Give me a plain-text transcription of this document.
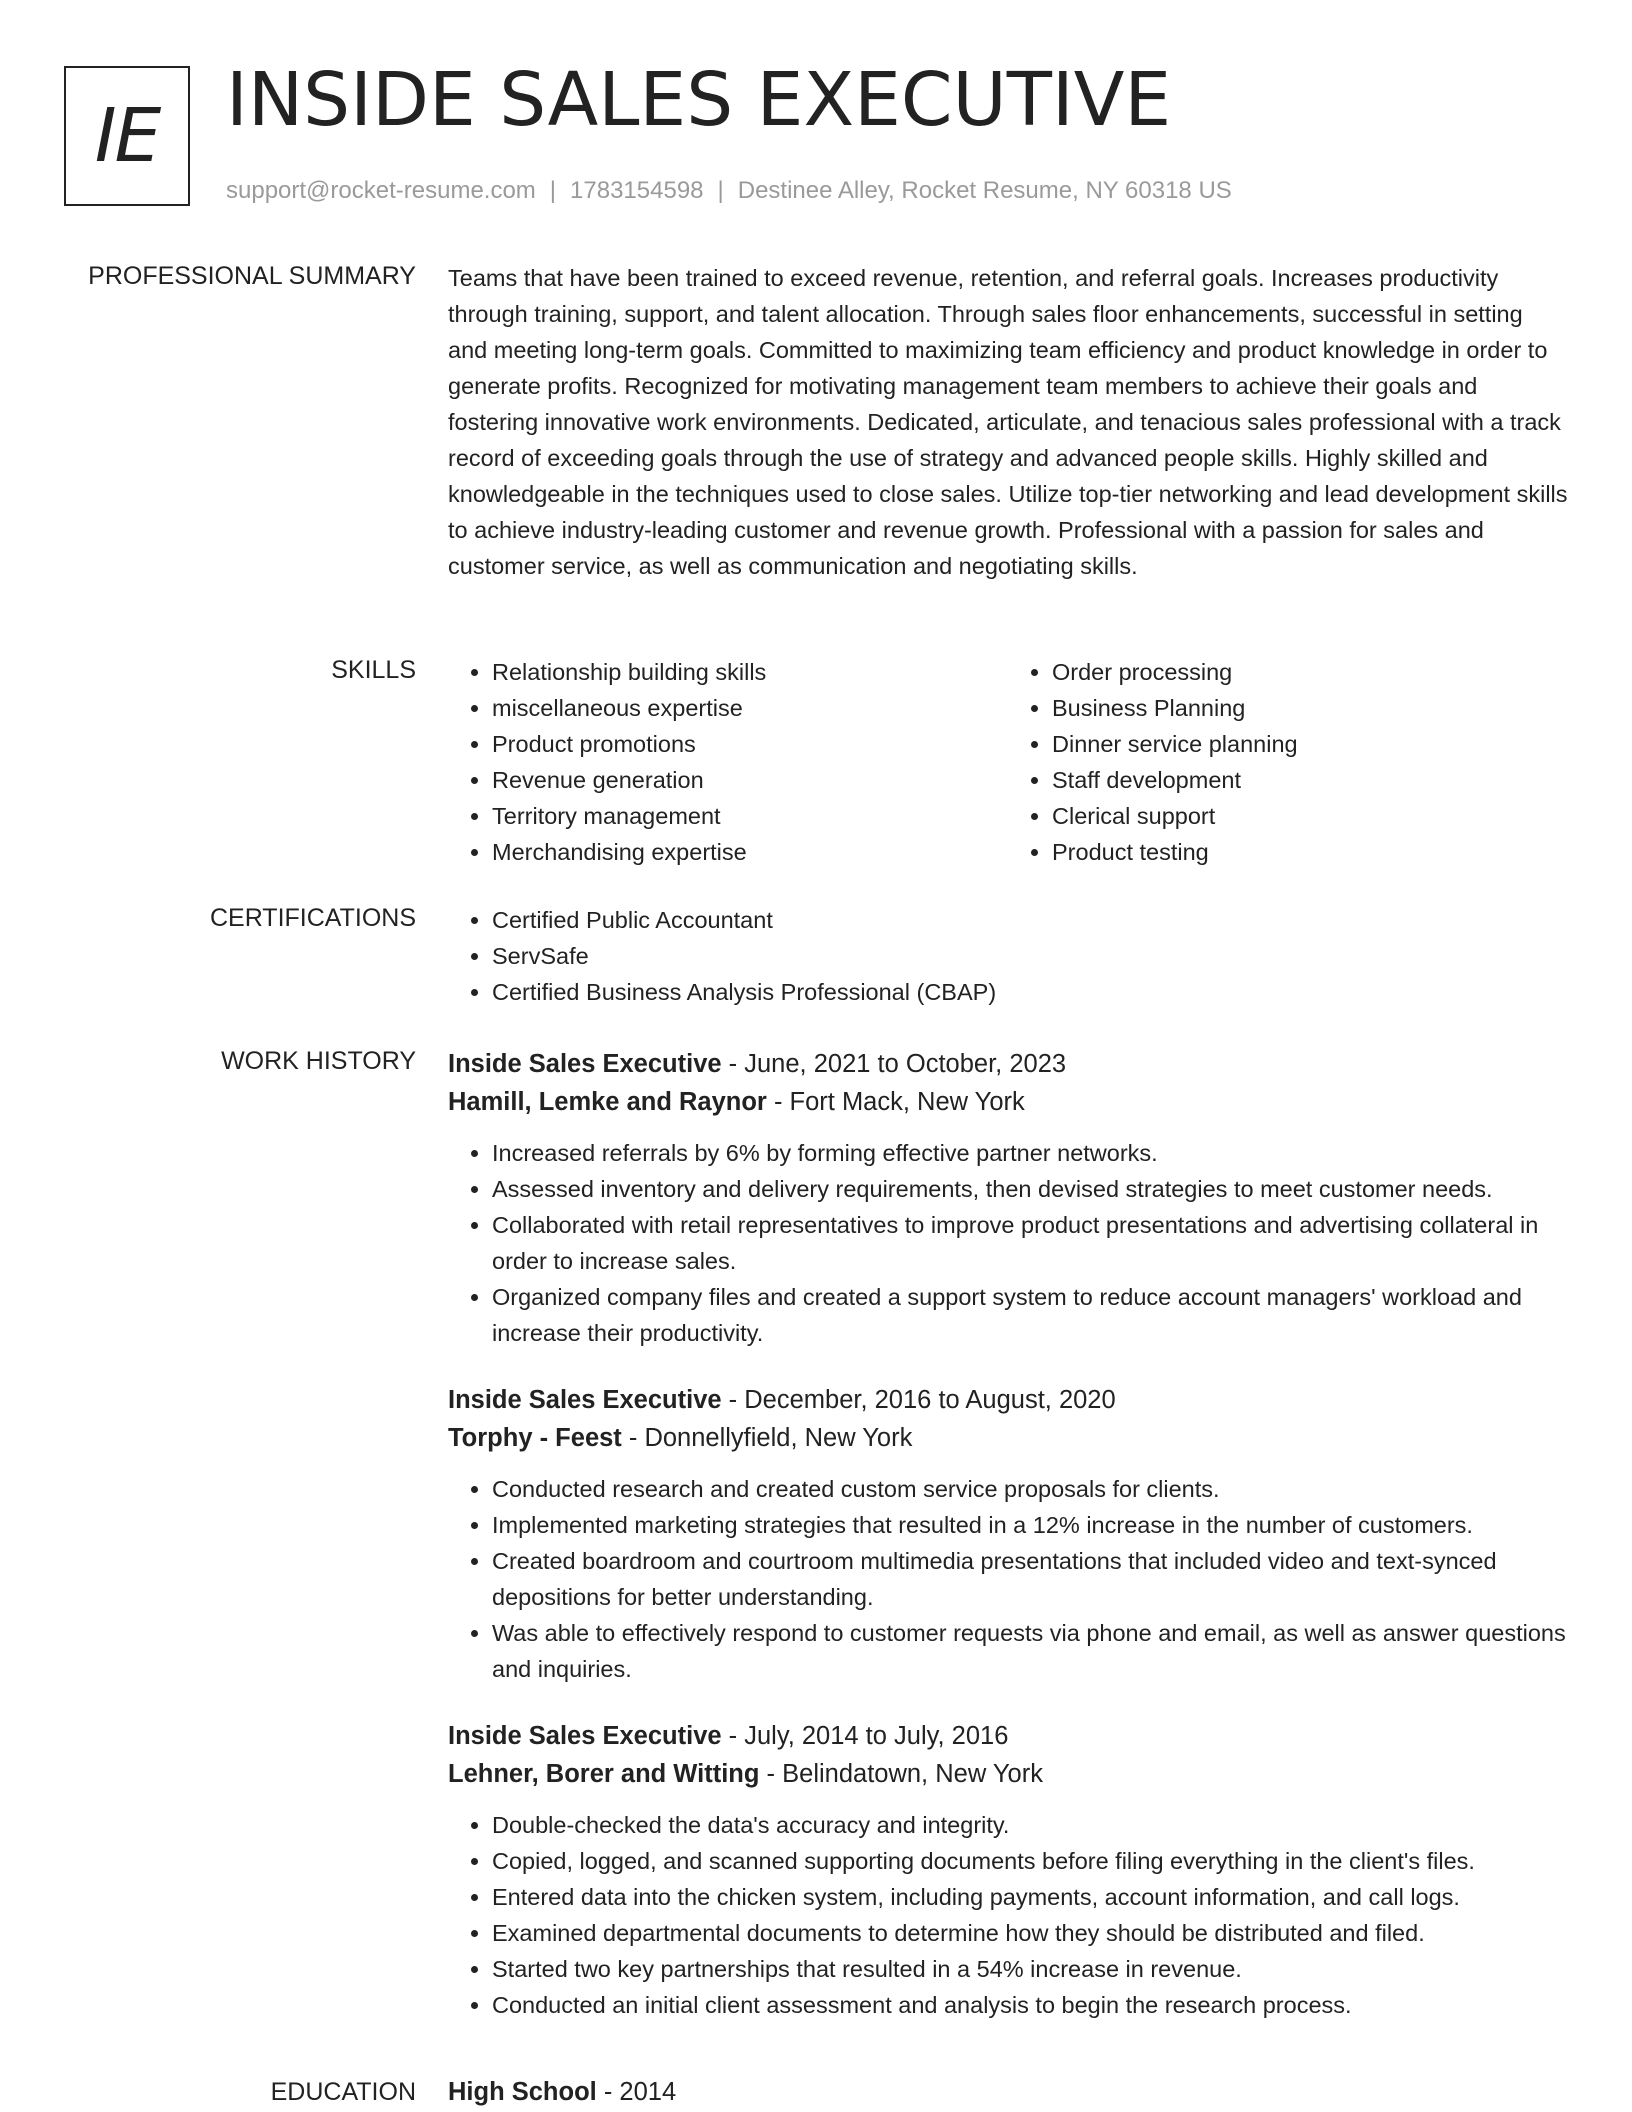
IE INSIDE SALES EXECUTIVE
support@rocket-resume.com | 1783154598 | Destinee Alley, Rocket Resume, NY 60318 US
PROFESSIONAL SUMMARY Teams that have been trained to exceed revenue, retention, and referral goals. Increases productivity through training, support, and talent allocation. Through sales floor enhancements, successful in setting and meeting long-term goals. Committed to maximizing team efficiency and product knowledge in order to generate profits. Recognized for motivating management team members to achieve their goals and fostering innovative work environments. Dedicated, articulate, and tenacious sales professional with a track record of exceeding goals through the use of strategy and advanced people skills. Highly skilled and knowledgeable in the techniques used to close sales. Utilize top-tier networking and lead development skills to achieve industry-leading customer and revenue growth. Professional with a passion for sales and customer service, as well as communication and negotiating skills.

SKILLS	• Relationship building skills
• miscellaneous expertise
• Product promotions
• Revenue generation
• Territory management
• Merchandising expertise
• Order processing
• Business Planning
• Dinner service planning
• Staff development
• Clerical support
• Product testing
CERTIFICATIONS	• Certified Public Accountant
• ServSafe
• Certified Business Analysis Professional (CBAP)
WORK HISTORY Inside Sales Executive - June, 2021 to October, 2023
Hamill, Lemke and Raynor - Fort Mack, New York
• Increased referrals by 6% by forming effective partner networks.
• Assessed inventory and delivery requirements, then devised strategies to meet customer needs.
• Collaborated with retail representatives to improve product presentations and advertising collateral in order to increase sales.
• Organized company files and created a support system to reduce account managers' workload and increase their productivity.
Inside Sales Executive - December, 2016 to August, 2020
Torphy - Feest - Donnellyfield, New York
• Conducted research and created custom service proposals for clients.
• Implemented marketing strategies that resulted in a 12% increase in the number of customers.
• Created boardroom and courtroom multimedia presentations that included video and text-synced depositions for better understanding.
• Was able to effectively respond to customer requests via phone and email, as well as answer questions and inquiries.
Inside Sales Executive - July, 2014 to July, 2016
Lehner, Borer and Witting - Belindatown, New York
• Double-checked the data's accuracy and integrity.
• Copied, logged, and scanned supporting documents before filing everything in the client's files.
• Entered data into the chicken system, including payments, account information, and call logs.
• Examined departmental documents to determine how they should be distributed and filed.
• Started two key partnerships that resulted in a 54% increase in revenue.
• Conducted an initial client assessment and analysis to begin the research process.
EDUCATION High School - 2014
